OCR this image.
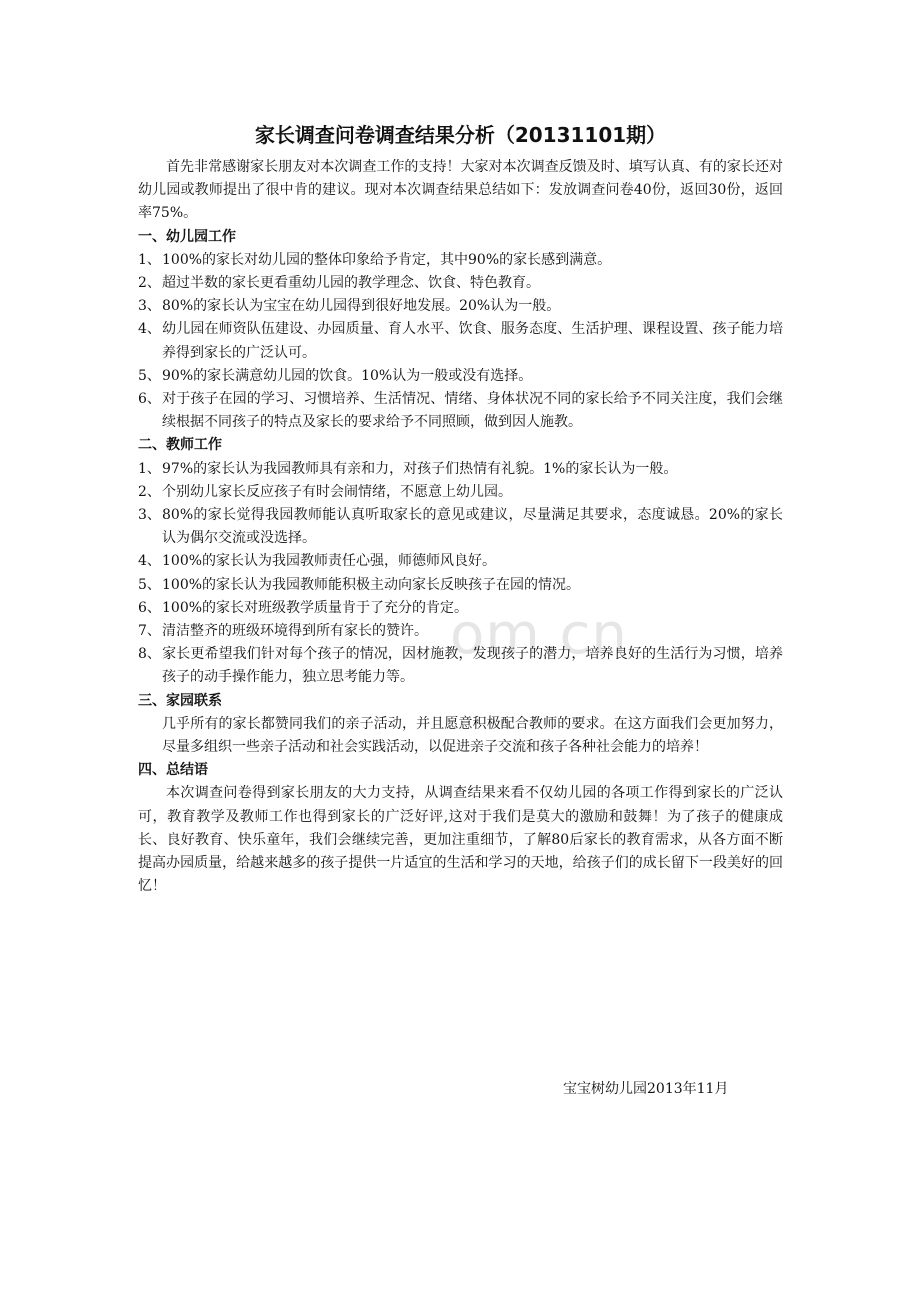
om.cn
家长调查问卷调查结果分析（20131101期）

首先非常感谢家长朋友对本次调查工作的支持！大家对本次调查反馈及时、填写认真、有的家长还对幼儿园或教师提出了很中肯的建议。现对本次调查结果总结如下：发放调查问卷40份，返回30份，返回率75%。

一、幼儿园工作

1、100%的家长对幼儿园的整体印象给予肯定，其中90%的家长感到满意。

2、超过半数的家长更看重幼儿园的教学理念、饮食、特色教育。

3、80%的家长认为宝宝在幼儿园得到很好地发展。20%认为一般。

4、幼儿园在师资队伍建设、办园质量、育人水平、饮食、服务态度、生活护理、课程设置、孩子能力培养得到家长的广泛认可。

5、90%的家长满意幼儿园的饮食。10%认为一般或没有选择。

6、对于孩子在园的学习、习惯培养、生活情况、情绪、身体状况不同的家长给予不同关注度，我们会继续根据不同孩子的特点及家长的要求给予不同照顾，做到因人施教。

二、教师工作

1、97%的家长认为我园教师具有亲和力，对孩子们热情有礼貌。1%的家长认为一般。

2、个别幼儿家长反应孩子有时会闹情绪，不愿意上幼儿园。

3、80%的家长觉得我园教师能认真听取家长的意见或建议，尽量满足其要求，态度诚恳。20%的家长认为偶尔交流或没选择。

4、100%的家长认为我园教师责任心强，师德师风良好。

5、100%的家长认为我园教师能积极主动向家长反映孩子在园的情况。

6、100%的家长对班级教学质量肯于了充分的肯定。

7、清洁整齐的班级环境得到所有家长的赞许。

8、家长更希望我们针对每个孩子的情况，因材施教，发现孩子的潜力，培养良好的生活行为习惯，培养孩子的动手操作能力，独立思考能力等。

三、家园联系

几乎所有的家长都赞同我们的亲子活动，并且愿意积极配合教师的要求。在这方面我们会更加努力，尽量多组织一些亲子活动和社会实践活动，以促进亲子交流和孩子各种社会能力的培养！

四、总结语

本次调查问卷得到家长朋友的大力支持，从调查结果来看不仅幼儿园的各项工作得到家长的广泛认可，教育教学及教师工作也得到家长的广泛好评,这对于我们是莫大的激励和鼓舞！为了孩子的健康成长、良好教育、快乐童年，我们会继续完善，更加注重细节，了解80后家长的教育需求，从各方面不断提高办园质量，给越来越多的孩子提供一片适宜的生活和学习的天地，给孩子们的成长留下一段美好的回忆！

宝宝树幼儿园2013年11月
